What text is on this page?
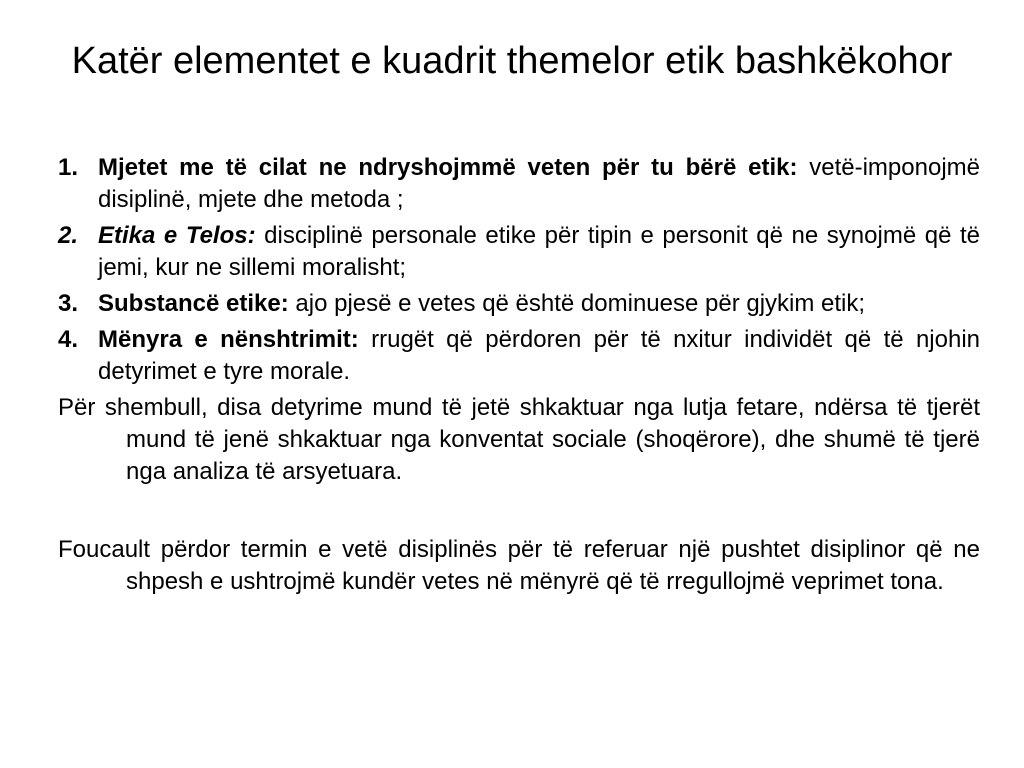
Katër elementet e kuadrit themelor etik bashkëkohor
1. Mjetet me të cilat ne ndryshojmmë veten për tu bërë etik: vetë-imponojmë disiplinë, mjete dhe metoda ;
2. Etika e Telos: disciplinë personale etike për tipin e personit që ne synojmë që të jemi, kur ne sillemi moralisht;
3. Substancë etike: ajo pjesë e vetes që është dominuese për gjykim etik;
4. Mënyra e nënshtrimit: rrugët që përdoren për të nxitur individët që të njohin detyrimet e tyre morale.

Për shembull, disa detyrime mund të jetë shkaktuar nga lutja fetare, ndërsa të tjerët mund të jenë shkaktuar nga konventat sociale (shoqërore), dhe shumë të tjerë nga analiza të arsyetuara.

Foucault përdor termin e vetë disiplinës për të referuar një pushtet disiplinor që ne shpesh e ushtrojmë kundër vetes në mënyrë që të rregullojmë veprimet tona.
